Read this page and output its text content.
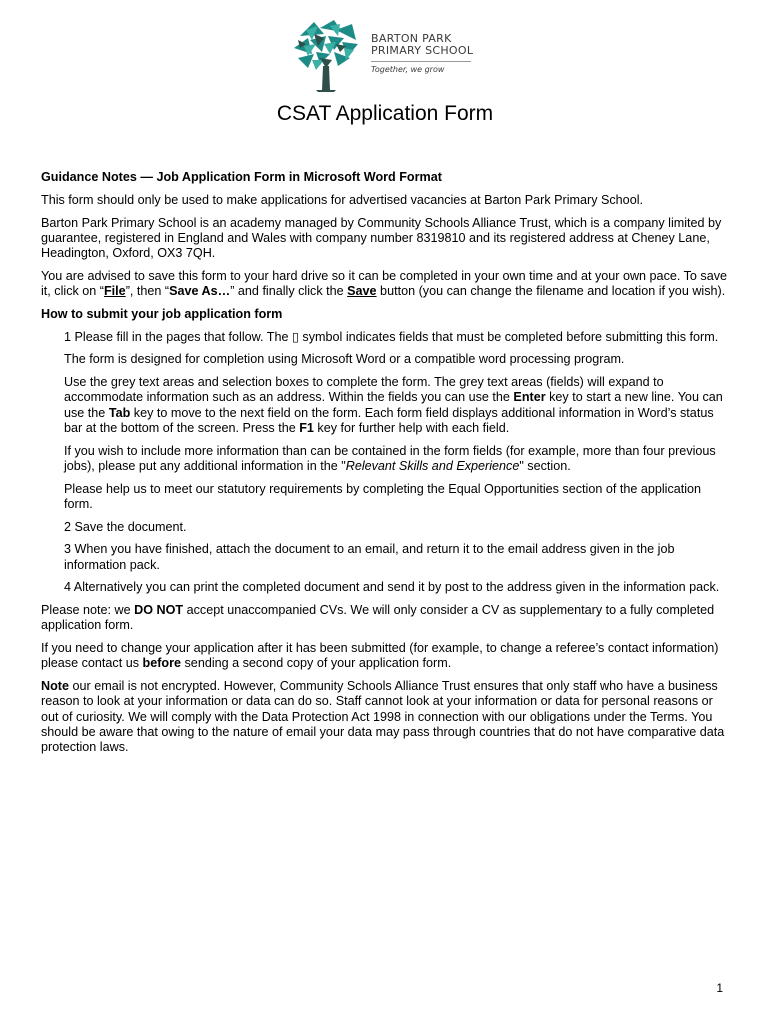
BARTON PARK
PRIMARY SCHOOL
Together, we grow
CSAT Application Form

Guidance Notes — Job Application Form in Microsoft Word Format

This form should only be used to make applications for advertised vacancies at Barton Park Primary School.

Barton Park Primary School is an academy managed by Community Schools Alliance Trust, which is a company limited by guarantee, registered in England and Wales with company number 8319810 and its registered address at Cheney Lane, Headington, Oxford, OX3 7QH.

You are advised to save this form to your hard drive so it can be completed in your own time and at your own pace. To save it, click on “File”, then “Save As…” and finally click the Save button (you can change the filename and location if you wish).

How to submit your job application form

1 Please fill in the pages that follow. The ▯ symbol indicates fields that must be completed before submitting this form.

The form is designed for completion using Microsoft Word or a compatible word processing program.

Use the grey text areas and selection boxes to complete the form. The grey text areas (fields) will expand to accommodate information such as an address. Within the fields you can use the Enter key to start a new line. You can use the Tab key to move to the next field on the form. Each form field displays additional information in Word’s status bar at the bottom of the screen. Press the F1 key for further help with each field.

If you wish to include more information than can be contained in the form fields (for example, more than four previous jobs), please put any additional information in the "Relevant Skills and Experience" section.

Please help us to meet our statutory requirements by completing the Equal Opportunities section of the application form.

2 Save the document.

3 When you have finished, attach the document to an email, and return it to the email address given in the job information pack.

4 Alternatively you can print the completed document and send it by post to the address given in the information pack.

Please note: we DO NOT accept unaccompanied CVs. We will only consider a CV as supplementary to a fully completed application form.

If you need to change your application after it has been submitted (for example, to change a referee’s contact information) please contact us before sending a second copy of your application form.

Note our email is not encrypted. However, Community Schools Alliance Trust ensures that only staff who have a business reason to look at your information or data can do so. Staff cannot look at your information or data for personal reasons or out of curiosity. We will comply with the Data Protection Act 1998 in connection with our obligations under the Terms. You should be aware that owing to the nature of email your data may pass through countries that do not have comparative data protection laws.

1
